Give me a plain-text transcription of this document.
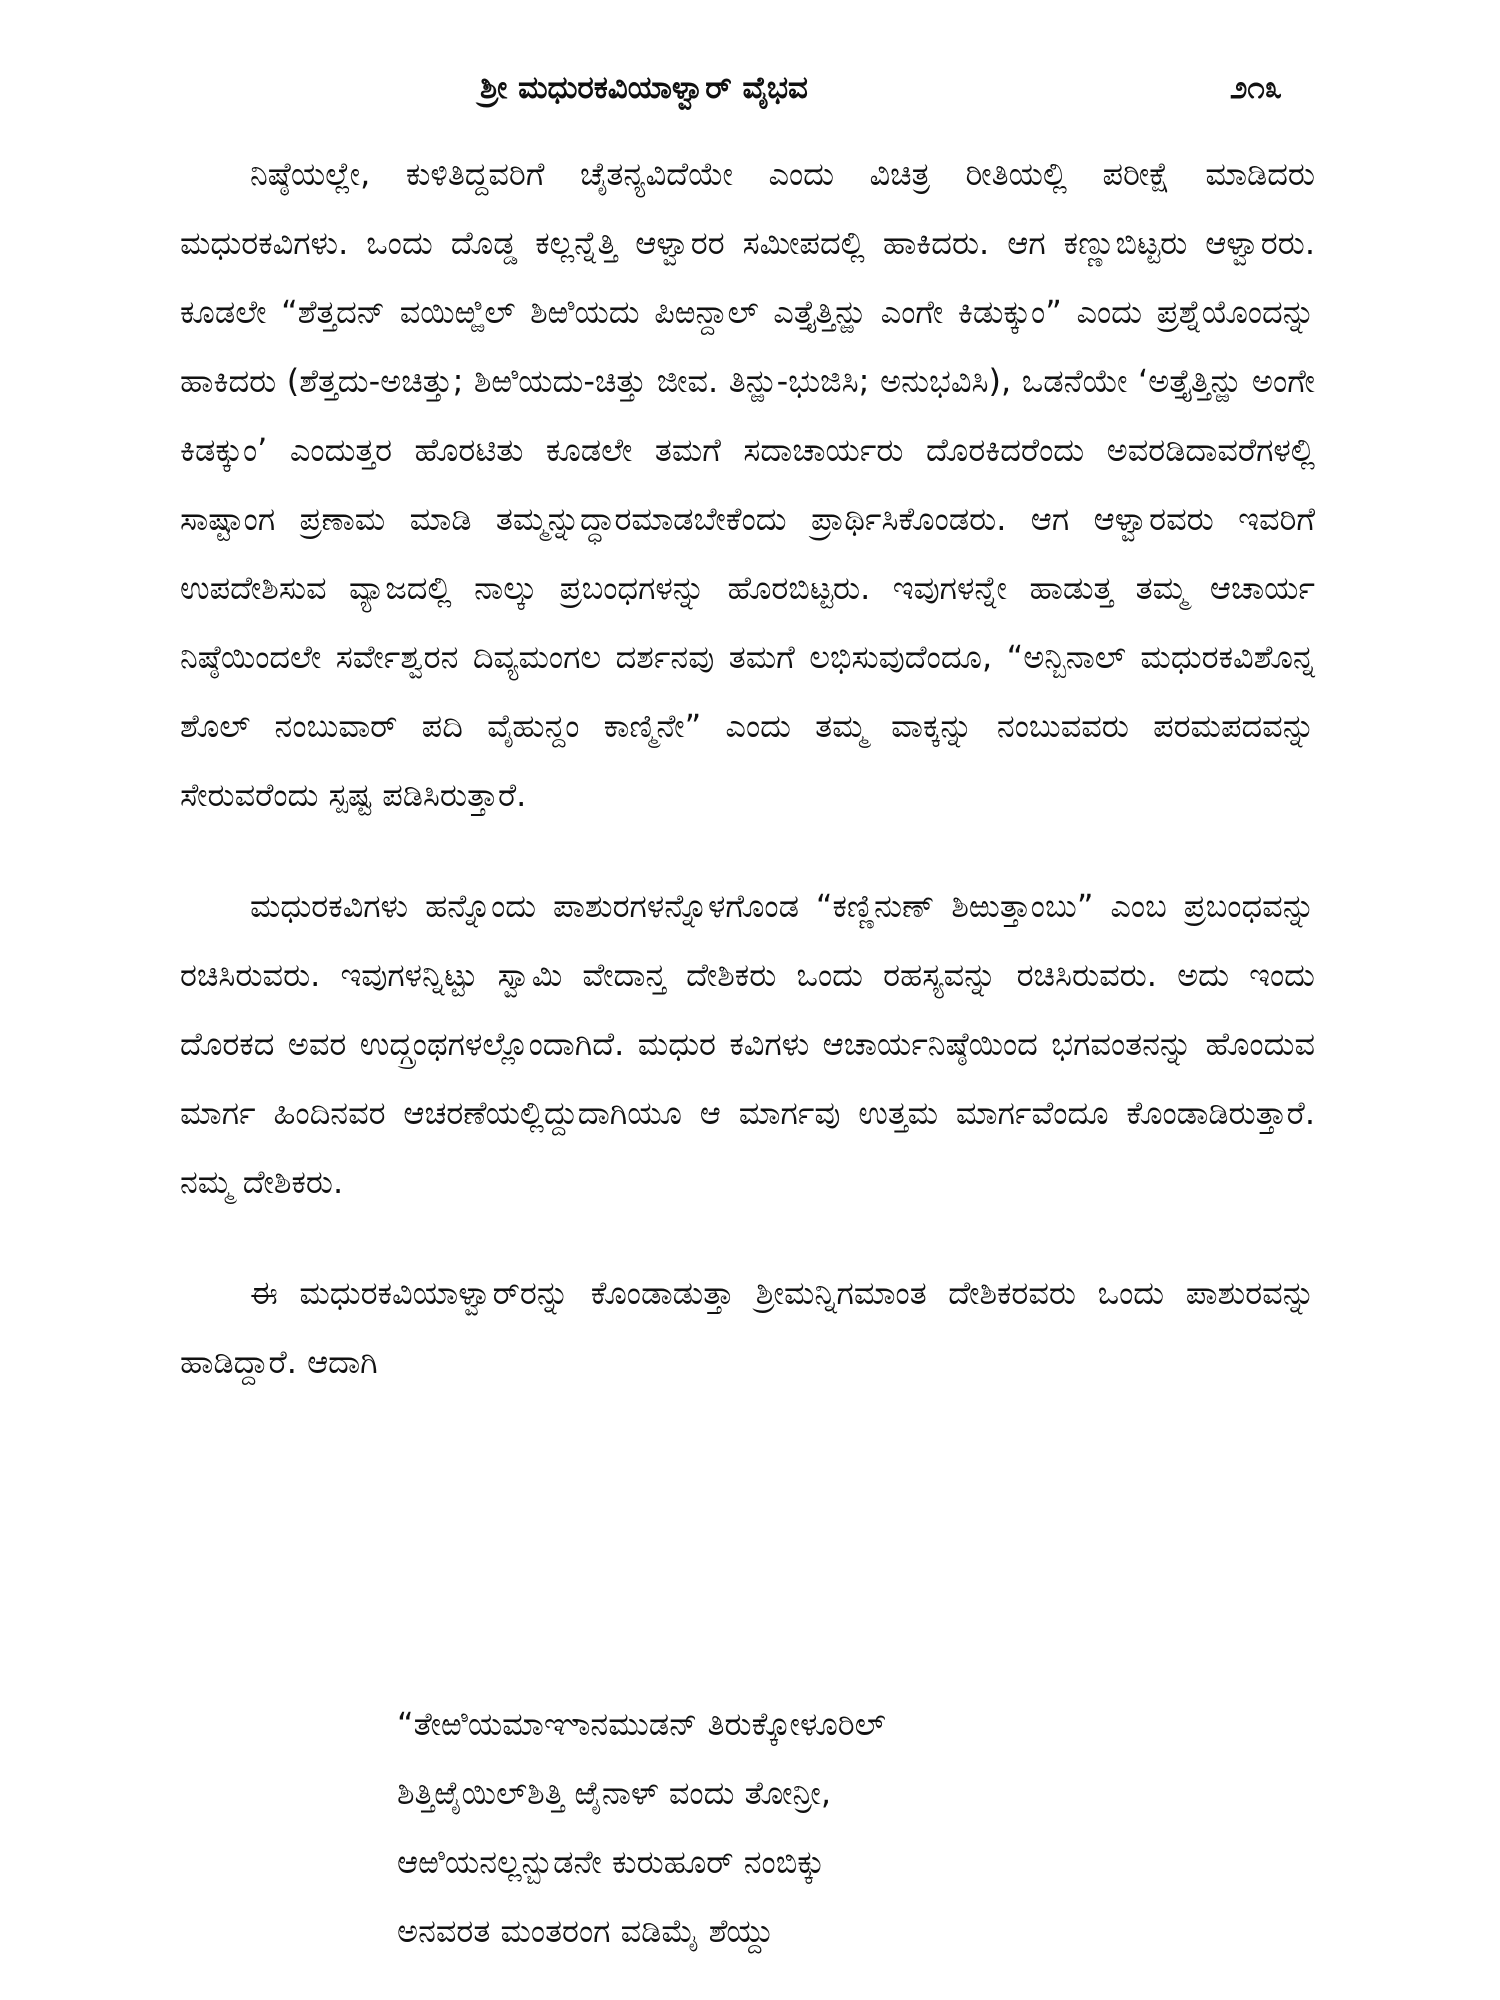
ಶ್ರೀ ಮಧುರಕವಿಯಾಳ್ವಾರ್ ವೈಭವ	೨೧೩

ನಿಷ್ಠೆಯಲ್ಲೇ, ಕುಳಿತಿದ್ದವರಿಗೆ ಚೈತನ್ಯವಿದೆಯೇ ಎಂದು ವಿಚಿತ್ರ ರೀತಿಯಲ್ಲಿ ಪರೀಕ್ಷೆ ಮಾಡಿದರು ಮಧುರಕವಿಗಳು. ಒಂದು ದೊಡ್ಡ ಕಲ್ಲನ್ನೆತ್ತಿ ಆಳ್ವಾರರ ಸಮೀಪದಲ್ಲಿ ಹಾಕಿದರು. ಆಗ ಕಣ್ಣುಬಿಟ್ಟರು ಆಳ್ವಾರರು. ಕೂಡಲೇ “ಶೆತ್ತದನ್ ವಯಿಱ್ಱಿಲ್ ಶಿಱಿಯದು ಪಿಱನ್ದಾಲ್ ಎತ್ತೈತ್ತಿನ್ಱು ಎಂಗೇ ಕಿಡುಕ್ಕುಂ” ಎಂದು ಪ್ರಶ್ನೆಯೊಂದನ್ನು ಹಾಕಿದರು (ಶೆತ್ತದು-ಅಚಿತ್ತು; ಶಿಱಿಯದು-ಚಿತ್ತು ಜೀವ. ತಿನ್ಱು-ಭುಜಿಸಿ; ಅನುಭವಿಸಿ), ಒಡನೆಯೇ ‘ಅತ್ತೈತ್ತಿನ್ಱು ಅಂಗೇ ಕಿಡಕ್ಕುಂ’ ಎಂದುತ್ತರ ಹೊರಟಿತು ಕೂಡಲೇ ತಮಗೆ ಸದಾಚಾರ್ಯರು ದೊರಕಿದರೆಂದು ಅವರಡಿದಾವರೆಗಳಲ್ಲಿ ಸಾಷ್ಟಾಂಗ ಪ್ರಣಾಮ ಮಾಡಿ ತಮ್ಮನ್ನುದ್ಧಾರಮಾಡಬೇಕೆಂದು ಪ್ರಾರ್ಥಿಸಿಕೊಂಡರು. ಆಗ ಆಳ್ವಾರವರು ಇವರಿಗೆ ಉಪದೇಶಿಸುವ ವ್ಯಾಜದಲ್ಲಿ ನಾಲ್ಕು ಪ್ರಬಂಧಗಳನ್ನು ಹೊರಬಿಟ್ಟರು. ಇವುಗಳನ್ನೇ ಹಾಡುತ್ತ ತಮ್ಮ ಆಚಾರ್ಯ ನಿಷ್ಠೆಯಿಂದಲೇ ಸರ್ವೇಶ್ವರನ ದಿವ್ಯಮಂಗಲ ದರ್ಶನವು ತಮಗೆ ಲಭಿಸುವುದೆಂದೂ, “ಅನ್ಬಿನಾಲ್ ಮಧುರಕವಿಶೊನ್ನ ಶೊಲ್ ನಂಬುವಾರ್ ಪದಿ ವೈಹುನ್ದಂ ಕಾಣ್ಮಿನೇ” ಎಂದು ತಮ್ಮ ವಾಕ್ಕನ್ನು ನಂಬುವವರು ಪರಮಪದವನ್ನು ಸೇರುವರೆಂದು ಸ್ಪಷ್ಟ ಪಡಿಸಿರುತ್ತಾರೆ.

ಮಧುರಕವಿಗಳು ಹನ್ನೊಂದು ಪಾಶುರಗಳನ್ನೊಳಗೊಂಡ “ಕಣ್ಣಿನುಣ್ ಶಿಱುತ್ತಾಂಬು” ಎಂಬ ಪ್ರಬಂಧವನ್ನು ರಚಿಸಿರುವರು. ಇವುಗಳನ್ನಿಟ್ಟು ಸ್ವಾಮಿ ವೇದಾನ್ತ ದೇಶಿಕರು ಒಂದು ರಹಸ್ಯವನ್ನು ರಚಿಸಿರುವರು. ಅದು ಇಂದು ದೊರಕದ ಅವರ ಉದ್ಗ್ರಂಥಗಳಲ್ಲೊಂದಾಗಿದೆ. ಮಧುರ ಕವಿಗಳು ಆಚಾರ್ಯನಿಷ್ಠೆಯಿಂದ ಭಗವಂತನನ್ನು ಹೊಂದುವ ಮಾರ್ಗ ಹಿಂದಿನವರ ಆಚರಣೆಯಲ್ಲಿದ್ದುದಾಗಿಯೂ ಆ ಮಾರ್ಗವು ಉತ್ತಮ ಮಾರ್ಗವೆಂದೂ ಕೊಂಡಾಡಿರುತ್ತಾರೆ. ನಮ್ಮ ದೇಶಿಕರು.

ಈ ಮಧುರಕವಿಯಾಳ್ವಾರ್‌ರನ್ನು ಕೊಂಡಾಡುತ್ತಾ ಶ್ರೀಮನ್ನಿಗಮಾಂತ ದೇಶಿಕರವರು ಒಂದು ಪಾಶುರವನ್ನು ಹಾಡಿದ್ದಾರೆ. ಆದಾಗಿ

“ತೇಱಿಯಮಾಞಾನಮುಡನ್ ತಿರುಕ್ಕೋಳೂರಿಲ್
ಶಿತ್ತಿಱೈಯಿಲ್‌ಶಿತ್ತಿ ಱೈನಾಳ್ ವಂದು ತೋನ್ರೀ,
ಆಱಿಯನಲ್ಲನ್ಬುಡನೇ ಕುರುಹೂರ್ ನಂಬಿಕ್ಕು
ಅನವರತ ಮಂತರಂಗ ವಡಿಮೈ ಶೆಯ್ದು
